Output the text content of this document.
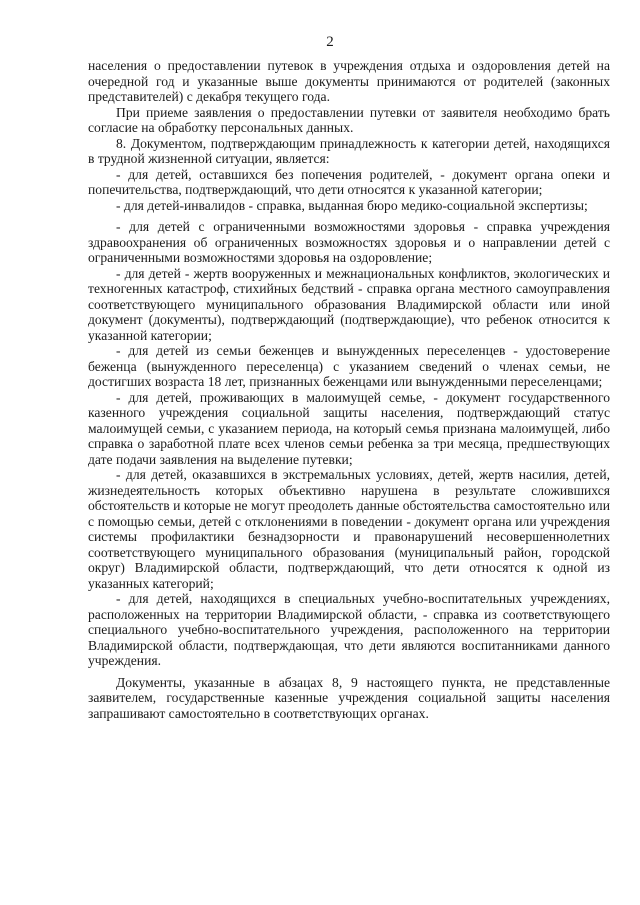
2

населения о предоставлении путевок в учреждения отдыха и оздоровления детей на очередной год и указанные выше документы принимаются от родителей (законных представителей) с декабря текущего года.

При приеме заявления о предоставлении путевки от заявителя необходимо брать согласие на обработку персональных данных.

8. Документом, подтверждающим принадлежность к категории детей, находящихся в трудной жизненной ситуации, является:

- для детей, оставшихся без попечения родителей, - документ органа опеки и попечительства, подтверждающий, что дети относятся к указанной категории;

- для детей-инвалидов - справка, выданная бюро медико-социальной экспертизы;

- для детей с ограниченными возможностями здоровья - справка учреждения здравоохранения об ограниченных возможностях здоровья и о направлении детей с ограниченными возможностями здоровья на оздоровление;

- для детей - жертв вооруженных и межнациональных конфликтов, экологических и техногенных катастроф, стихийных бедствий - справка органа местного самоуправления соответствующего муниципального образования Владимирской области или иной документ (документы), подтверждающий (подтверждающие), что ребенок относится к указанной категории;

- для детей из семьи беженцев и вынужденных переселенцев - удостоверение беженца (вынужденного переселенца) с указанием сведений о членах семьи, не достигших возраста 18 лет, признанных беженцами или вынужденными переселенцами;

- для детей, проживающих в малоимущей семье, - документ государственного казенного учреждения социальной защиты населения, подтверждающий статус малоимущей семьи, с указанием периода, на который семья признана малоимущей, либо справка о заработной плате всех членов семьи ребенка за три месяца, предшествующих дате подачи заявления на выделение путевки;

- для детей, оказавшихся в экстремальных условиях, детей, жертв насилия, детей, жизнедеятельность которых объективно нарушена в результате сложившихся обстоятельств и которые не могут преодолеть данные обстоятельства самостоятельно или с помощью семьи, детей с отклонениями в поведении - документ органа или учреждения системы профилактики безнадзорности и правонарушений несовершеннолетних соответствующего муниципального образования (муниципальный район, городской округ) Владимирской области, подтверждающий, что дети относятся к одной из указанных категорий;

- для детей, находящихся в специальных учебно-воспитательных учреждениях, расположенных на территории Владимирской области, - справка из соответствующего специального учебно-воспитательного учреждения, расположенного на территории Владимирской области, подтверждающая, что дети являются воспитанниками данного учреждения.

Документы, указанные в абзацах 8, 9 настоящего пункта, не представленные заявителем, государственные казенные учреждения социальной защиты населения запрашивают самостоятельно в соответствующих органах.
